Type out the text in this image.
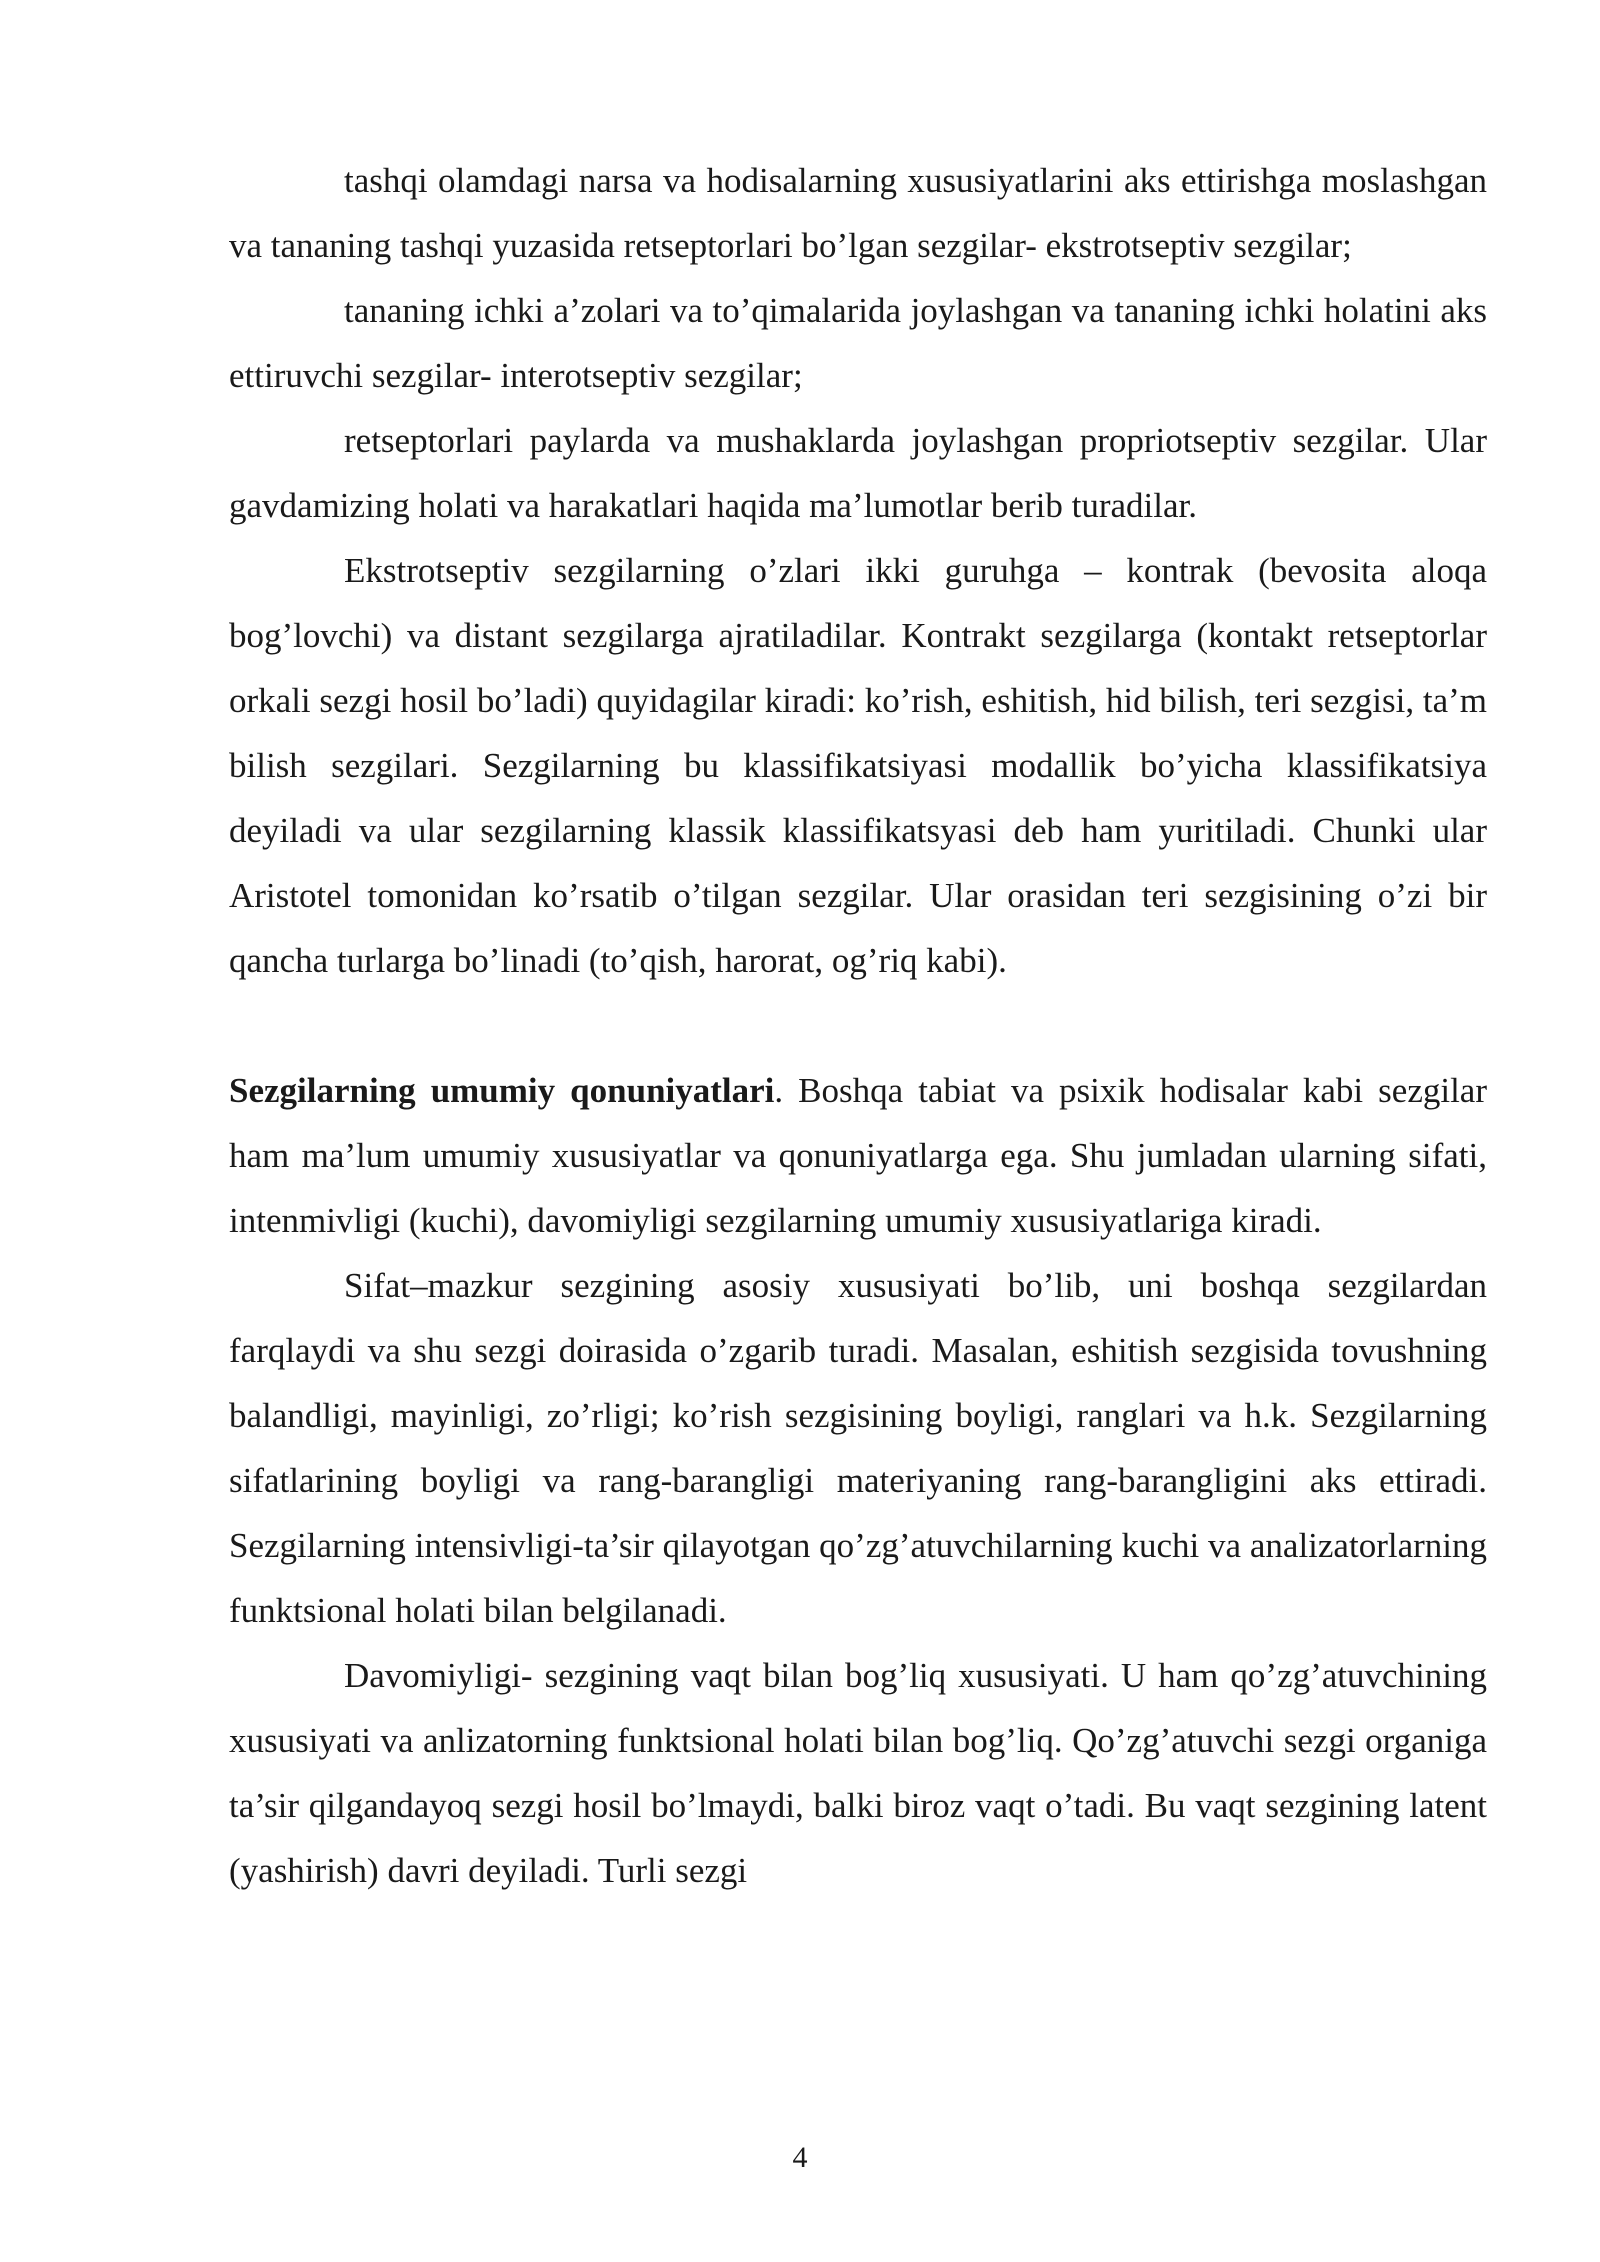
tashqi olamdagi narsa va hodisalarning xususiyatlarini aks ettirishga moslashgan va tananing tashqi yuzasida retseptorlari bo’lgan sezgilar- ekstrotseptiv sezgilar;

tananing ichki a’zolari va to’qimalarida joylashgan va tananing ichki holatini aks ettiruvchi sezgilar- interotseptiv sezgilar;

retseptorlari paylarda va mushaklarda joylashgan propriotseptiv sezgilar. Ular gavdamizing holati va harakatlari haqida ma’lumotlar berib turadilar.

Ekstrotseptiv sezgilarning o’zlari ikki guruhga – kontrak (bevosita aloqa bog’lovchi) va distant sezgilarga ajratiladilar. Kontrakt sezgilarga (kontakt retseptorlar orkali sezgi hosil bo’ladi) quyidagilar kiradi: ko’rish, eshitish, hid bilish, teri sezgisi, ta’m bilish sezgilari. Sezgilarning bu klassifikatsiyasi modallik bo’yicha klassifikatsiya deyiladi va ular sezgilarning klassik klassifikatsyasi deb ham yuritiladi. Chunki ular Aristotel tomonidan ko’rsatib o’tilgan sezgilar. Ular orasidan teri sezgisining o’zi bir qancha turlarga bo’linadi (to’qish, harorat, og’riq kabi).

Sezgilarning umumiy qonuniyatlari. Boshqa tabiat va psixik hodisalar kabi sezgilar ham ma’lum umumiy xususiyatlar va qonuniyatlarga ega. Shu jumladan ularning sifati, intenmivligi (kuchi), davomiyligi sezgilarning umumiy xususiyatlariga kiradi.

Sifat–mazkur sezgining asosiy xususiyati bo’lib, uni boshqa sezgilardan farqlaydi va shu sezgi doirasida o’zgarib turadi. Masalan, eshitish sezgisida tovushning balandligi, mayinligi, zo’rligi; ko’rish sezgisining boyligi, ranglari va h.k. Sezgilarning sifatlarining boyligi va rang-barangligi materiyaning rang-barangligini aks ettiradi. Sezgilarning intensivligi-ta’sir qilayotgan qo’zg’atuvchilarning kuchi va analizatorlarning funktsional holati bilan belgilanadi.

Davomiyligi- sezgining vaqt bilan bog’liq xususiyati. U ham qo’zg’atuvchining xususiyati va anlizatorning funktsional holati bilan bog’liq. Qo’zg’atuvchi sezgi organiga ta’sir qilgandayoq sezgi hosil bo’lmaydi, balki biroz vaqt o’tadi. Bu vaqt sezgining latent (yashirish) davri deyiladi. Turli sezgi

4
